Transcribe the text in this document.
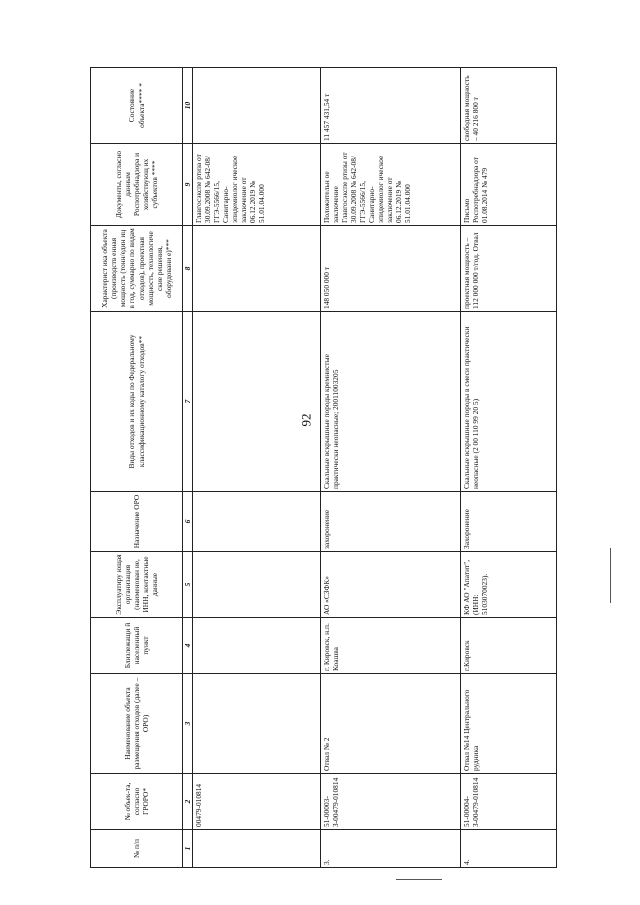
92
№ п/п	№ объек-та, согласно ГРОРО*	Наименование объекта размещения отходов (далее – ОРО)	Близлежащи й населенный пункт	Эксплуатиру ющая организация (наименован ие, ИНН, контактные данные	Назначение ОРО	Виды отходов и их коды по Федеральному классификационному каталогу отходов**	Характерист ика объекта (производств енная мощность (тонн/един иц в год, суммарно по видам отходов), проектная мощность, технологиче ские решения, оборудовани е)***	Документы, согласно данным Роспотребнадзора и хозяйствующ их субъектов ****	Состояние объекта**** *
1	2	3	4	5	6	7	8	9	10
	00479-010814							Главгосэкспе ртиза от 30.09.2008 № 642-08/ГГЭ-5566/15, Санитарно-эпидемиолог ическое заключение от 06.12.2019 № 51.01.04.000	
3.	51-00003-З-00479-010814	Отвал № 2	г. Кировск, н.п. Коашва	АО «СЗФК»	захоронение	Скальные вскрышные породы кремнистые практически неопасные; 20011003205	148 050 000 т	Положительн ое заключение Главгосэкспе ртизы от 30.09.2008 № 642-08/ГГЭ-5566/15, Санитарно-эпидемиолог ическое заключение от 06.12.2019 № 51.01.04.000	11 457 431,54 т
4.	51-00004-З-00479-010814	Отвал №14 Центрального рудника	г.Кировск	КФ АО "Апатит", (ИНН: 5103070023).	Захоронение	Скальные вскрышные породы в смеси практически неопасные (2 00 110 99 20 5)	проектная мощность – 112 000 000 т/год. Отвал	Письмо Роспотребнадзора от 01.08.2014 № 479	свободная мощность – 40 216 800 т
